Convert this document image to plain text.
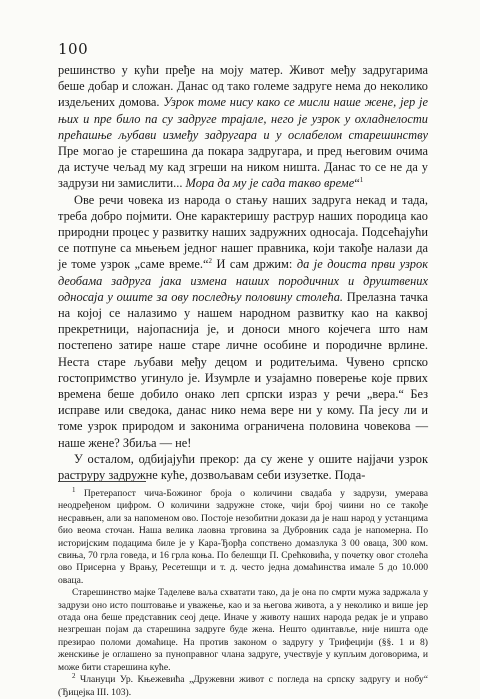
100

решинство у кући пређе на моју матер. Живот међу задругарима беше добар и сложан. Данас од тако големе задруге нема до неколико издељених домова. Узрок томе нису како се мисли наше жене, јер је њих и пре било па су задруге трајале, него је узрок у охладнелости прећашње љубави између задругара и у ослабелом старешинству Пре могао је старешина да покара задругара, и пред његовим очима да истуче чељад му кад згреши на ником ништа. Данас то се не да у задрузи ни замислити... Мора да му је сада такво време“$^1$

Ове речи човека из народа о стању наших задруга некад и тада, треба добро појмити. Оне карактеришу раструр наших породица као природни процес у развитку наших задружних односаја. Подсећајући се потпуне са мњењем једног нашег правника, који такође налази да је томе узрок „саме време.“$^2$ И сам држим: да је доиста први узрок деобама задруга јака измена наших породичних и друштвених односаја у ошите за ову последњу половину столећа. Прелазна тачка на којој се налазимо у нашем народном развитку као на каквој прекретници, најопаснија је, и доноси много којечега што нам постепено затире наше старе личне особине и породичне врлине. Неста старе љубави међу децом и родитељима. Чувено српско гостопримство угинуло је. Изумрле и узајамно поверење које првих времена беше добило онако леп српски израз у речи „вера.“ Без исправе или сведока, данас нико нема вере ни у кому. Па јесу ли и томе узрок природом и законима ограничена половина човековa — наше жене? Збиља — не!

У осталом, одбијајући прекор: да су жене у ошите најјачи узрок раструру задружне куће, дозвољавам себи изузетке. Пода-

$^1$ Претерапост чича-Божиног броја о количини свадаба у задрузи, умерава неодређеном цифром. О количини задружне стоке, чији број чиини но се такође несравњен, али за напоменом ово. Постоје незобитни докази да је наш народ у устанцима био веома сточан. Наша велика лаовна трговина за Дубровник сада је напомерна. По историјским подацима биле је у Кара-Ђорђа сопствено домазлука 3 00 оваца, 300 ком. свиња, 70 грла говеда, и 16 грла коња. По белешци П. Срећковића, у почетку овог столећа ово Присерна у Врању, Ресетешци и т. д. често једна домаћинствa имале 5 до 10.000 оваца.

Старешинство мајке Таделеве ваља схватати тако, да је она по смрти мужа задржала у задрузи оно исто поштовање и уважење, као и за његова живота, а у неколико и више јер отада она беше представник сеој деце. Иначе у животу наших народа редак је и управо незгрешан појам да старешина задруге буде жена. Нешто одинтавље, није ништа оде презирао поломи домаћице. На против законом о задругу у Трифецији (§§. 1 и 8) женскиње је оглашено за пуноправног члана задруге, учествује у купљим договорима, и може бити старешина куће.

$^2$ Члануци Ур. Књежевића „Дружевни живот с погледа на српску задругу и нобу“ (Ђицејка III. 103).
